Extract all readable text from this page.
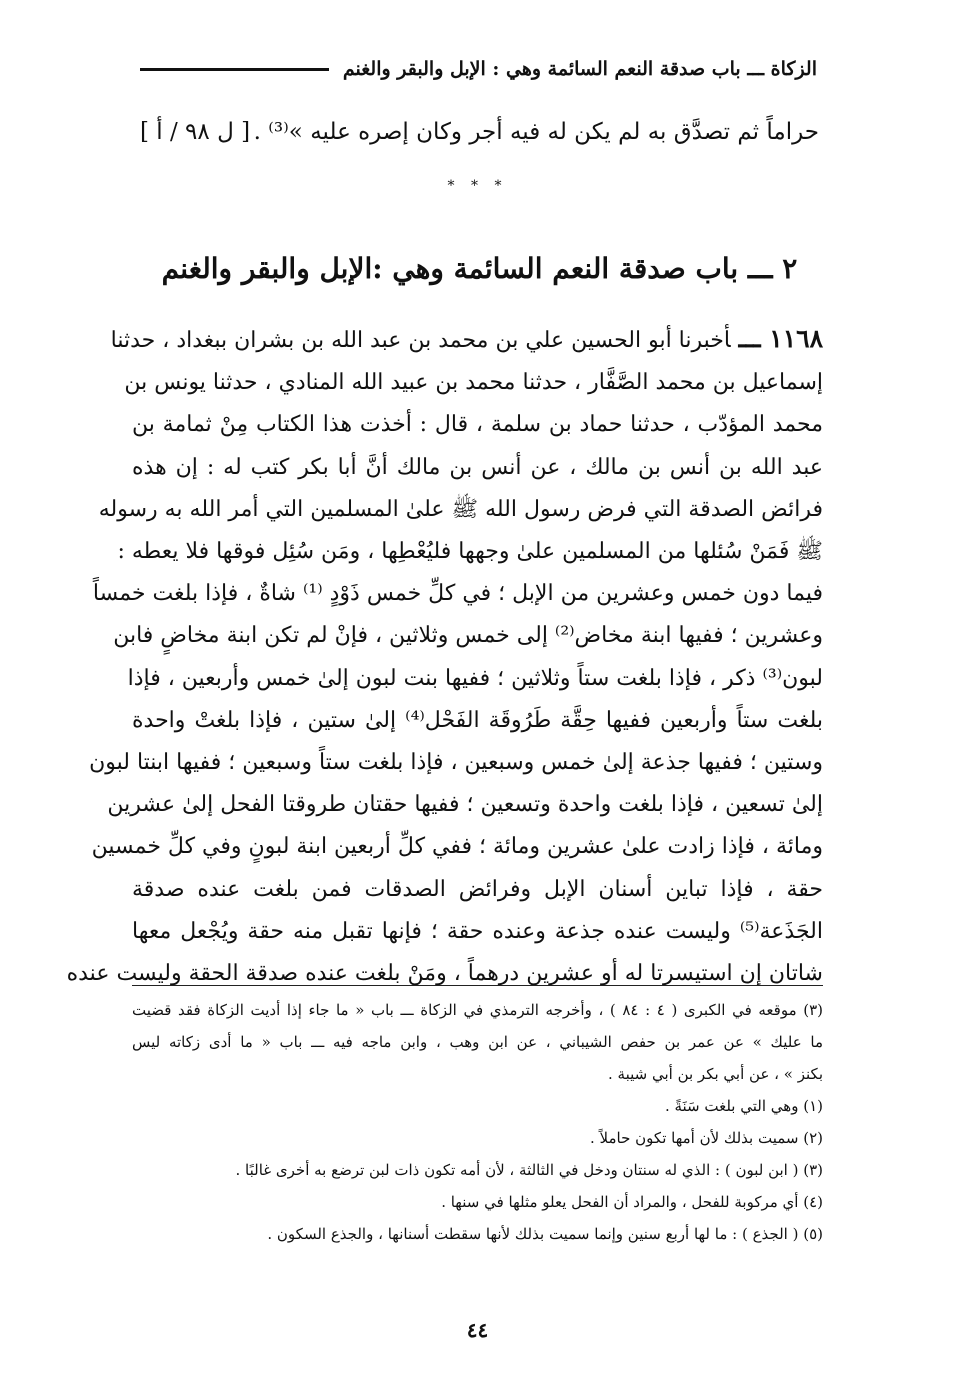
الزكاة ـــ باب صدقة النعم السائمة وهي : الإبل والبقر والغنم
حراماً ثم تصدَّق به لم يكن له فيه أجر وكان إصره عليه »⁽³⁾ .
[ ل ٩٨ / أ ]
* * *
٢ ـــ باب صدقة النعم السائمة وهي :الإبل والبقر والغنم
١١٦٨ ـــأخبرنا أبو الحسين علي بن محمد بن عبد الله بن بشران ببغداد ، حدثنا
إسماعيل بن محمد الصَّفَّار ، حدثنا محمد بن عبيد الله المنادي ، حدثنا يونس بن
محمد المؤدّب ، حدثنا حماد بن سلمة ، قال : أخذت هذا الكتاب مِنْ ثمامة بن
عبد الله بن أنس بن مالك ، عن أنس بن مالك أنَّ أبا بكر كتب له : إن هذه
فرائض الصدقة التي فرض رسول الله ﷺ علىٰ المسلمين التي أمر الله به رسوله
ﷺ فَمَنْ سُئلها من المسلمين علىٰ وجهها فليُعْطِها ، ومَن سُئِل فوقها فلا يعطه :
فيما دون خمس وعشرين من الإبل ؛ في كلِّ خمس ذَوْدٍ ⁽¹⁾ شاةٌ ، فإذا بلغت خمساً
وعشرين ؛ ففيها ابنة مخاض⁽²⁾ إلى خمس وثلاثين ، فإنْ لم تكن ابنة مخاضٍ فابن
لبون⁽³⁾ ذكر ، فإذا بلغت ستاً وثلاثين ؛ ففيها بنت لبون إلىٰ خمس وأربعين ، فإذا
بلغت ستاً وأربعين ففيها حِقَّة طَرُوقَة الفَحْل⁽⁴⁾ إلىٰ ستين ، فإذا بلغتْ واحدة
وستين ؛ ففيها جذعة إلىٰ خمس وسبعين ، فإذا بلغت ستاً وسبعين ؛ ففيها ابنتا لبون
إلىٰ تسعين ، فإذا بلغت واحدة وتسعين ؛ ففيها حقتان طروقتا الفحل إلىٰ عشرين
ومائة ، فإذا زادت علىٰ عشرين ومائة ؛ ففي كلِّ أربعين ابنة لبونٍ وفي كلِّ خمسين
حقة ، فإذا تباين أسنان الإبل وفرائض الصدقات فمن بلغت عنده صدقة
الجَذَعة⁽⁵⁾ وليست عنده جذعة وعنده حقة ؛ فإنها تقبل منه حقة ويُجْعل معها
شاتان إن استيسرتا له أو عشرين درهماً ، ومَنْ بلغت عنده صدقة الحقة وليست عنده
(٣) موقعه في الكبرى ( ٤ : ٨٤ ) ، وأخرجه الترمذي في الزكاة ـــ باب « ما جاء إذا أديت الزكاة فقد قضيت
ما عليك » عن عمر بن حفص الشيباني ، عن ابن وهب ، وابن ماجه فيه ـــ باب « ما أدى زكاته ليس
بكنز » ، عن أبي بكر بن أبي شيبة .
(١) وهي التي بلغت سَنَةً .
(٢) سميت بذلك لأن أمها تكون حاملاً .
(٣) ( ابن لبون ) : الذي له سنتان ودخل في الثالثة ، لأن أمه تكون ذات لبن ترضع به أخرى غالبًا .
(٤) أي مركوبة للفحل ، والمراد أن الفحل يعلو مثلها في سنها .
(٥) ( الجذع ) : ما لها أربع سنين وإنما سميت بذلك لأنها سقطت أسنانها ، والجذع السكون .
٤٤
